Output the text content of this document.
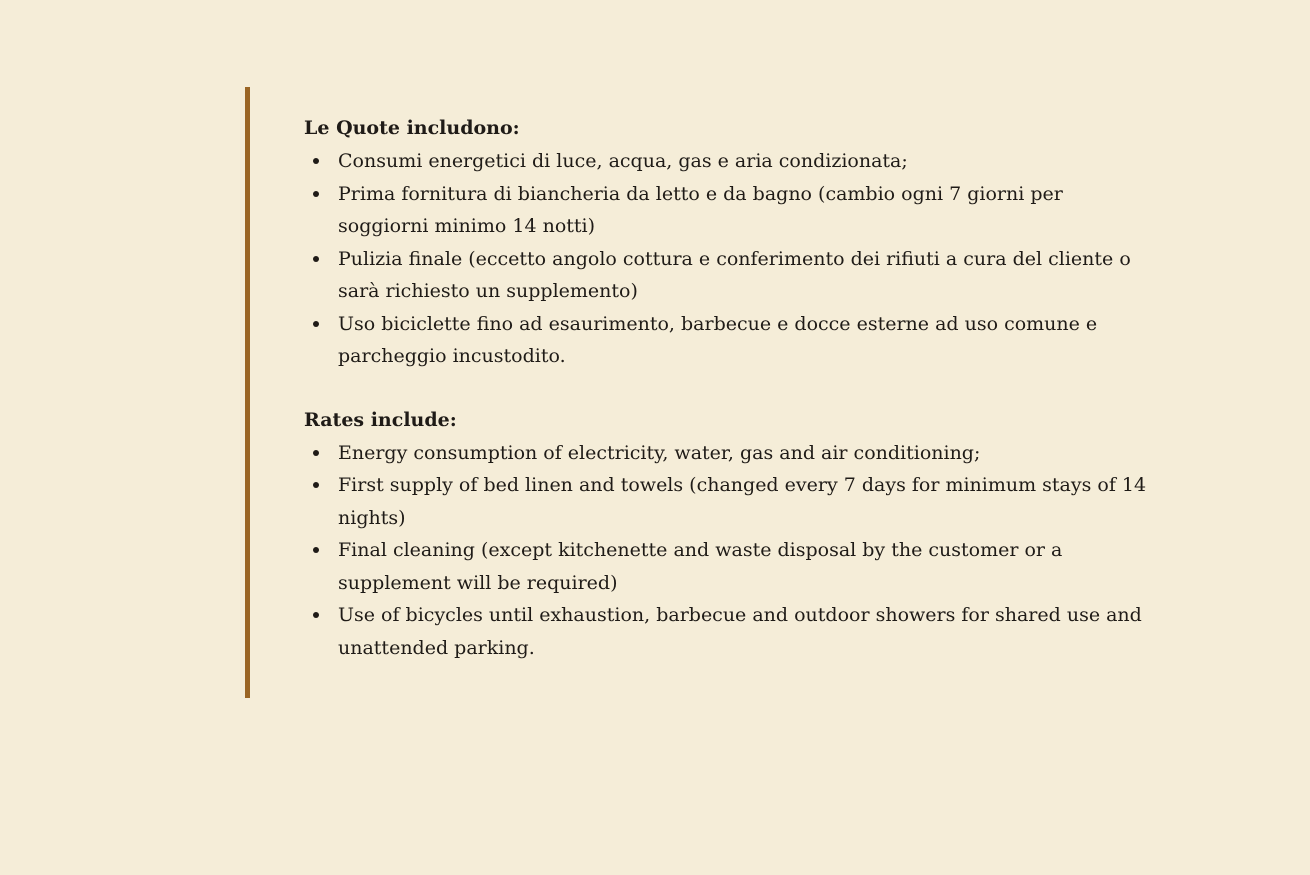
Le Quote includono:

Consumi energetici di luce, acqua, gas e aria condizionata;
Prima fornitura di biancheria da letto e da bagno (cambio ogni 7 giorni per soggiorni minimo 14 notti)
Pulizia finale (eccetto angolo cottura e conferimento dei rifiuti a cura del cliente o sarà richiesto un supplemento)
Uso biciclette fino ad esaurimento, barbecue e docce esterne ad uso comune e parcheggio incustodito.

Rates include:

Energy consumption of electricity, water, gas and air conditioning;
First supply of bed linen and towels (changed every 7 days for minimum stays of 14 nights)
Final cleaning (except kitchenette and waste disposal by the customer or a supplement will be required)
Use of bicycles until exhaustion, barbecue and outdoor showers for shared use and unattended parking.
